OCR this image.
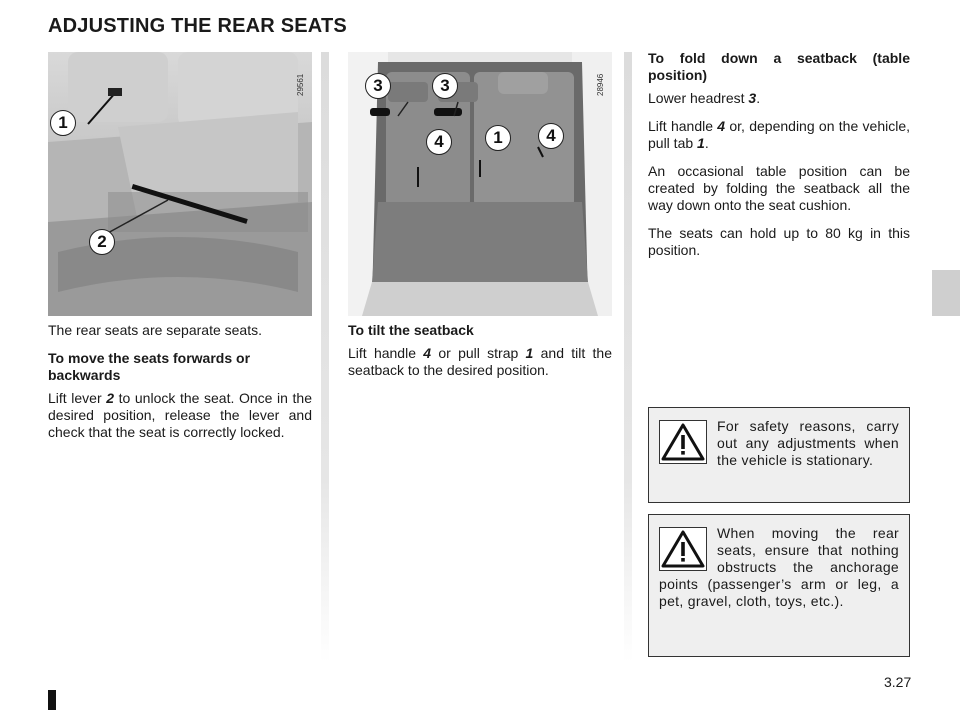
ADJUSTING THE REAR SEATS
29561
1
2
28946
3	3
4	1	4

The rear seats are separate seats.

To move the seats forwards or backwards

Lift lever 2 to unlock the seat. Once in the desired position, release the lever and check that the seat is correctly locked.

To tilt the seatback

Lift handle 4 or pull strap 1 and tilt the seatback to the desired position.

To fold down a seatback (table position)

Lower headrest 3.

Lift handle 4 or, depending on the vehicle, pull tab 1.

An occasional table position can be created by folding the seatback all the way down onto the seat cushion.

The seats can hold up to 80 kg in this position.

For safety reasons, carry out any adjustments when the vehicle is stationary.

When moving the rear seats, ensure that nothing obstructs the anchorage points (passenger’s arm or leg, a pet, gravel, cloth, toys, etc.).

3.27
